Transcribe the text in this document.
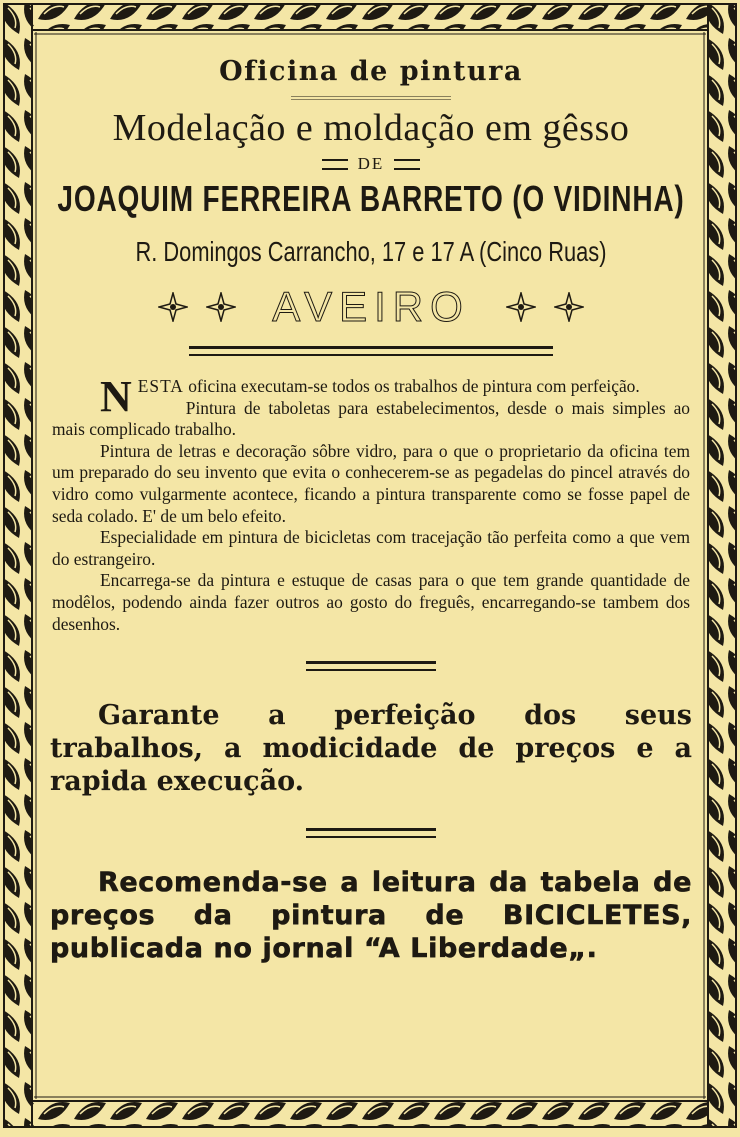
Oficina de pintura
Modelação e moldação em gêsso
DE
JOAQUIM FERREIRA BARRETO (O VIDINHA)
R. Domingos Carrancho, 17 e 17 A (Cinco Ruas)
AVEIRO

NESTA oficina executam-se todos os trabalhos de pintura com perfeição.

Pintura de taboletas para estabelecimentos, desde o mais simples ao mais complicado trabalho.

Pintura de letras e decoração sôbre vidro, para o que o proprietario da oficina tem um preparado do seu invento que evita o conhecerem-se as pegadelas do pincel através do vidro como vulgarmente acontece, ficando a pintura transparente como se fosse papel de seda colado. E' de um belo efeito.

Especialidade em pintura de bicicletas com tracejação tão perfeita como a que vem do estrangeiro.

Encarrega-se da pintura e estuque de casas para o que tem grande quantidade de modêlos, podendo ainda fazer outros ao gosto do freguês, encarregando-se tambem dos desenhos.

Garante a perfeição dos seus trabalhos, a modicidade de preços e a rapida execução.

Recomenda-se a leitura da tabela de preços da pintura de BICICLETES, publicada no jornal “A Liberdade„.
